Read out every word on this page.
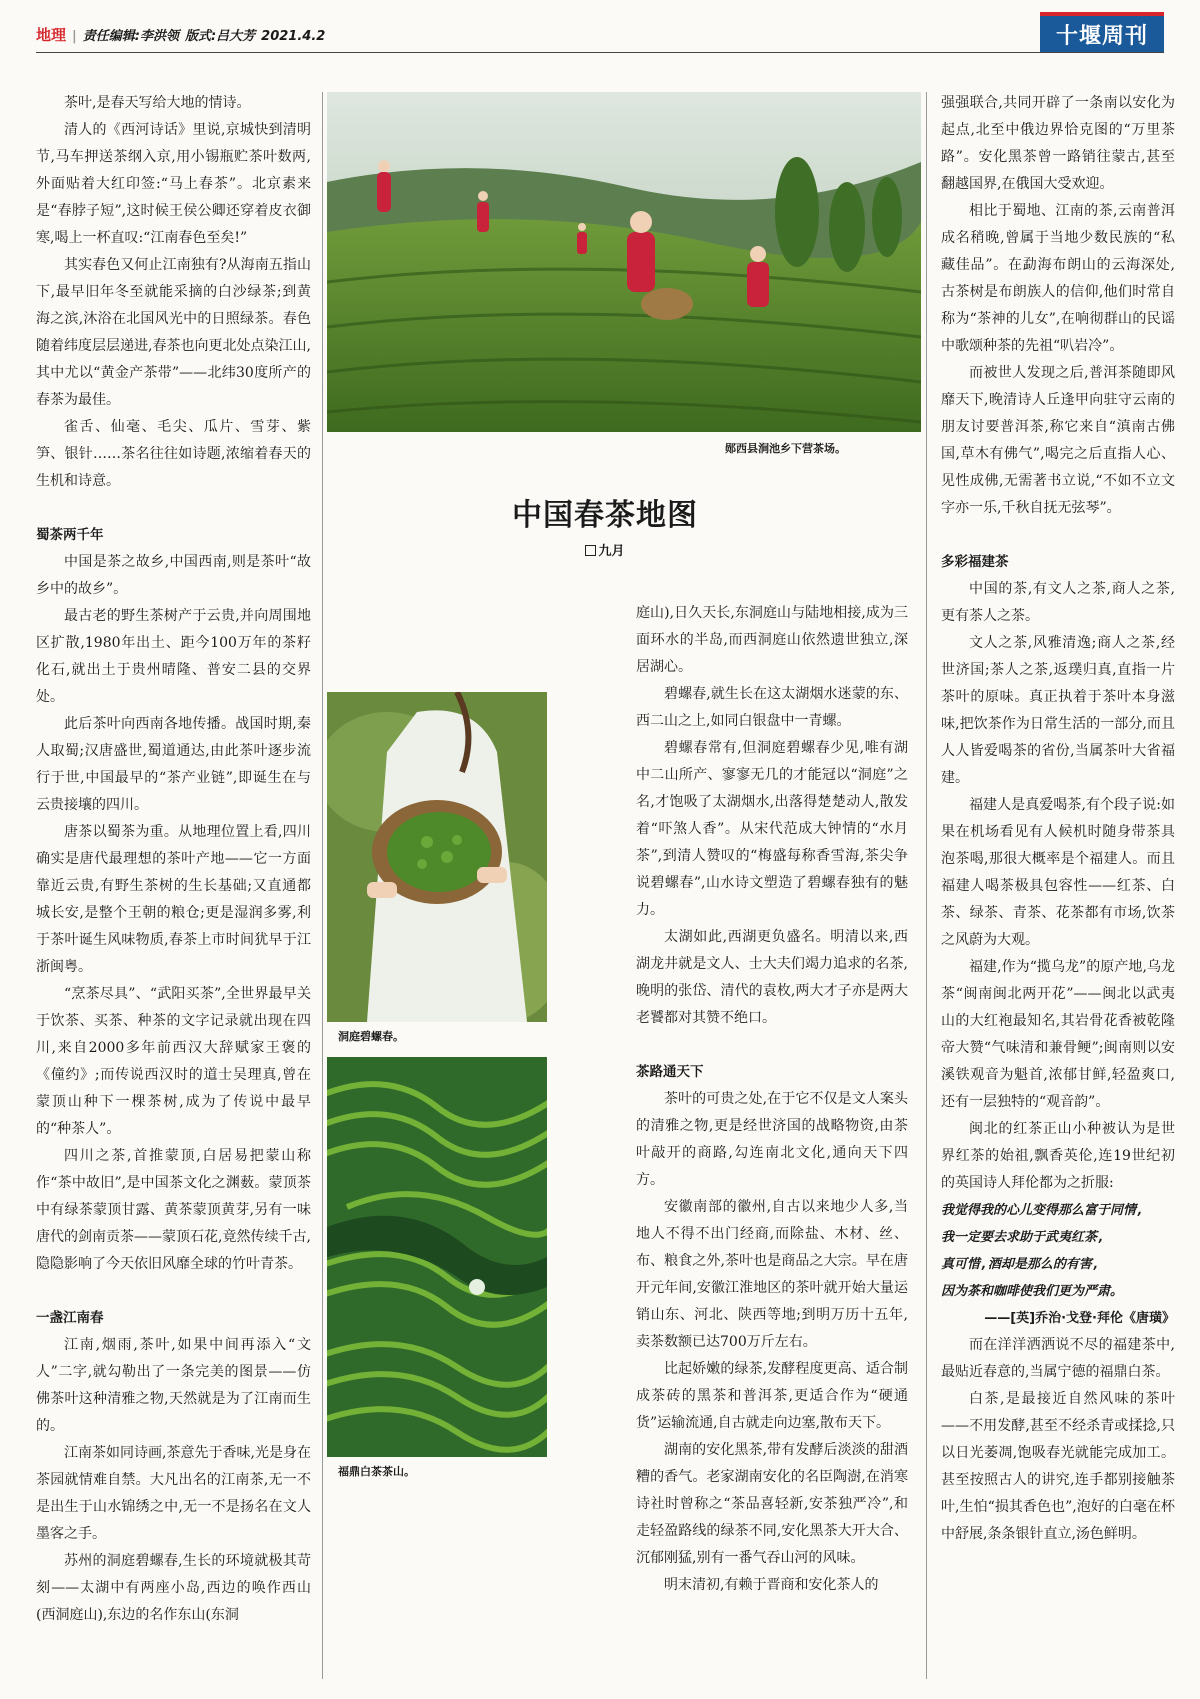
地理 | 责任编辑:李洪领 版式:吕大芳 2021.4.2	十堰周刊

茶叶,是春天写给大地的情诗。

清人的《西河诗话》里说,京城快到清明节,马车押送茶纲入京,用小锡瓶贮茶叶数两,外面贴着大红印签:“马上春茶”。北京素来是“春脖子短”,这时候王侯公卿还穿着皮衣御寒,喝上一杯直叹:“江南春色至矣!”

其实春色又何止江南独有?从海南五指山下,最早旧年冬至就能采摘的白沙绿茶;到黄海之滨,沐浴在北国风光中的日照绿茶。春色随着纬度层层递进,春茶也向更北处点染江山,其中尤以“黄金产茶带”——北纬30度所产的春茶为最佳。

雀舌、仙毫、毛尖、瓜片、雪芽、紫笋、银针……茶名往往如诗题,浓缩着春天的生机和诗意。

蜀茶两千年

中国是茶之故乡,中国西南,则是茶叶“故乡中的故乡”。

最古老的野生茶树产于云贵,并向周围地区扩散,1980年出土、距今100万年的茶籽化石,就出土于贵州晴隆、普安二县的交界处。

此后茶叶向西南各地传播。战国时期,秦人取蜀;汉唐盛世,蜀道通达,由此茶叶逐步流行于世,中国最早的“茶产业链”,即诞生在与云贵接壤的四川。

唐茶以蜀茶为重。从地理位置上看,四川确实是唐代最理想的茶叶产地——它一方面靠近云贵,有野生茶树的生长基础;又直通都城长安,是整个王朝的粮仓;更是湿润多雾,利于茶叶诞生风味物质,春茶上市时间犹早于江浙闽粤。

“烹茶尽具”、“武阳买茶”,全世界最早关于饮茶、买茶、种茶的文字记录就出现在四川,来自2000多年前西汉大辞赋家王褒的《僮约》;而传说西汉时的道士吴理真,曾在蒙顶山种下一棵茶树,成为了传说中最早的“种茶人”。

四川之茶,首推蒙顶,白居易把蒙山称作“茶中故旧”,是中国茶文化之渊薮。蒙顶茶中有绿茶蒙顶甘露、黄茶蒙顶黄芽,另有一味唐代的剑南贡茶——蒙顶石花,竟然传续千古,隐隐影响了今天依旧风靡全球的竹叶青茶。

一盏江南春

江南,烟雨,茶叶,如果中间再添入“文人”二字,就勾勒出了一条完美的图景——仿佛茶叶这种清雅之物,天然就是为了江南而生的。

江南茶如同诗画,茶意先于香味,光是身在茶园就情难自禁。大凡出名的江南茶,无一不是出生于山水锦绣之中,无一不是扬名在文人墨客之手。

苏州的洞庭碧螺春,生长的环境就极其苛刻——太湖中有两座小岛,西边的唤作西山(西洞庭山),东边的名作东山(东洞

郧西县涧池乡下营茶场。
中国春茶地图
九月
洞庭碧螺春。
福鼎白茶茶山。

庭山),日久天长,东洞庭山与陆地相接,成为三面环水的半岛,而西洞庭山依然遗世独立,深居湖心。

碧螺春,就生长在这太湖烟水迷蒙的东、西二山之上,如同白银盘中一青螺。

碧螺春常有,但洞庭碧螺春少见,唯有湖中二山所产、寥寥无几的才能冠以“洞庭”之名,才饱吸了太湖烟水,出落得楚楚动人,散发着“吓煞人香”。从宋代范成大钟情的“水月茶”,到清人赞叹的“梅盛每称香雪海,茶尖争说碧螺春”,山水诗文塑造了碧螺春独有的魅力。

太湖如此,西湖更负盛名。明清以来,西湖龙井就是文人、士大夫们竭力追求的名茶,晚明的张岱、清代的袁枚,两大才子亦是两大老饕都对其赞不绝口。

茶路通天下

茶叶的可贵之处,在于它不仅是文人案头的清雅之物,更是经世济国的战略物资,由茶叶敲开的商路,勾连南北文化,通向天下四方。

安徽南部的徽州,自古以来地少人多,当地人不得不出门经商,而除盐、木材、丝、布、粮食之外,茶叶也是商品之大宗。早在唐开元年间,安徽江淮地区的茶叶就开始大量运销山东、河北、陕西等地;到明万历十五年,卖茶数额已达700万斤左右。

比起娇嫩的绿茶,发酵程度更高、适合制成茶砖的黑茶和普洱茶,更适合作为“硬通货”运输流通,自古就走向边塞,散布天下。

湖南的安化黑茶,带有发酵后淡淡的甜酒糟的香气。老家湖南安化的名臣陶澍,在消寒诗社时曾称之“茶品喜轻新,安茶独严冷”,和走轻盈路线的绿茶不同,安化黑茶大开大合、沉郁刚猛,别有一番气吞山河的风味。

明末清初,有赖于晋商和安化茶人的

强强联合,共同开辟了一条南以安化为起点,北至中俄边界恰克图的“万里茶路”。安化黑茶曾一路销往蒙古,甚至翻越国界,在俄国大受欢迎。

相比于蜀地、江南的茶,云南普洱成名稍晚,曾属于当地少数民族的“私藏佳品”。在勐海布朗山的云海深处,古茶树是布朗族人的信仰,他们时常自称为“茶神的儿女”,在响彻群山的民谣中歌颂种茶的先祖“叭岩冷”。

而被世人发现之后,普洱茶随即风靡天下,晚清诗人丘逢甲向驻守云南的朋友讨要普洱茶,称它来自“滇南古佛国,草木有佛气”,喝完之后直指人心、见性成佛,无需著书立说,“不如不立文字亦一乐,千秋自抚无弦琴”。

多彩福建茶

中国的茶,有文人之茶,商人之茶,更有茶人之茶。

文人之茶,风雅清逸;商人之茶,经世济国;茶人之茶,返璞归真,直指一片茶叶的原味。真正执着于茶叶本身滋味,把饮茶作为日常生活的一部分,而且人人皆爱喝茶的省份,当属茶叶大省福建。

福建人是真爱喝茶,有个段子说:如果在机场看见有人候机时随身带茶具泡茶喝,那很大概率是个福建人。而且福建人喝茶极具包容性——红茶、白茶、绿茶、青茶、花茶都有市场,饮茶之风蔚为大观。

福建,作为“揽乌龙”的原产地,乌龙茶“闽南闽北两开花”——闽北以武夷山的大红袍最知名,其岩骨花香被乾隆帝大赞“气味清和兼骨鲠”;闽南则以安溪铁观音为魁首,浓郁甘鲜,轻盈爽口,还有一层独特的“观音韵”。

闽北的红茶正山小种被认为是世界红茶的始祖,飘香英伦,连19世纪初的英国诗人拜伦都为之折服:

我觉得我的心儿变得那么富于同情,

我一定要去求助于武夷红茶,

真可惜,酒却是那么的有害,

因为茶和咖啡使我们更为严肃。

——[英]乔治·戈登·拜伦《唐璜》

而在洋洋洒洒说不尽的福建茶中,最贴近春意的,当属宁德的福鼎白茶。

白茶,是最接近自然风味的茶叶——不用发酵,甚至不经杀青或揉捻,只以日光萎凋,饱吸春光就能完成加工。甚至按照古人的讲究,连手都别接触茶叶,生怕“损其香色也”,泡好的白毫在杯中舒展,条条银针直立,汤色鲜明。
